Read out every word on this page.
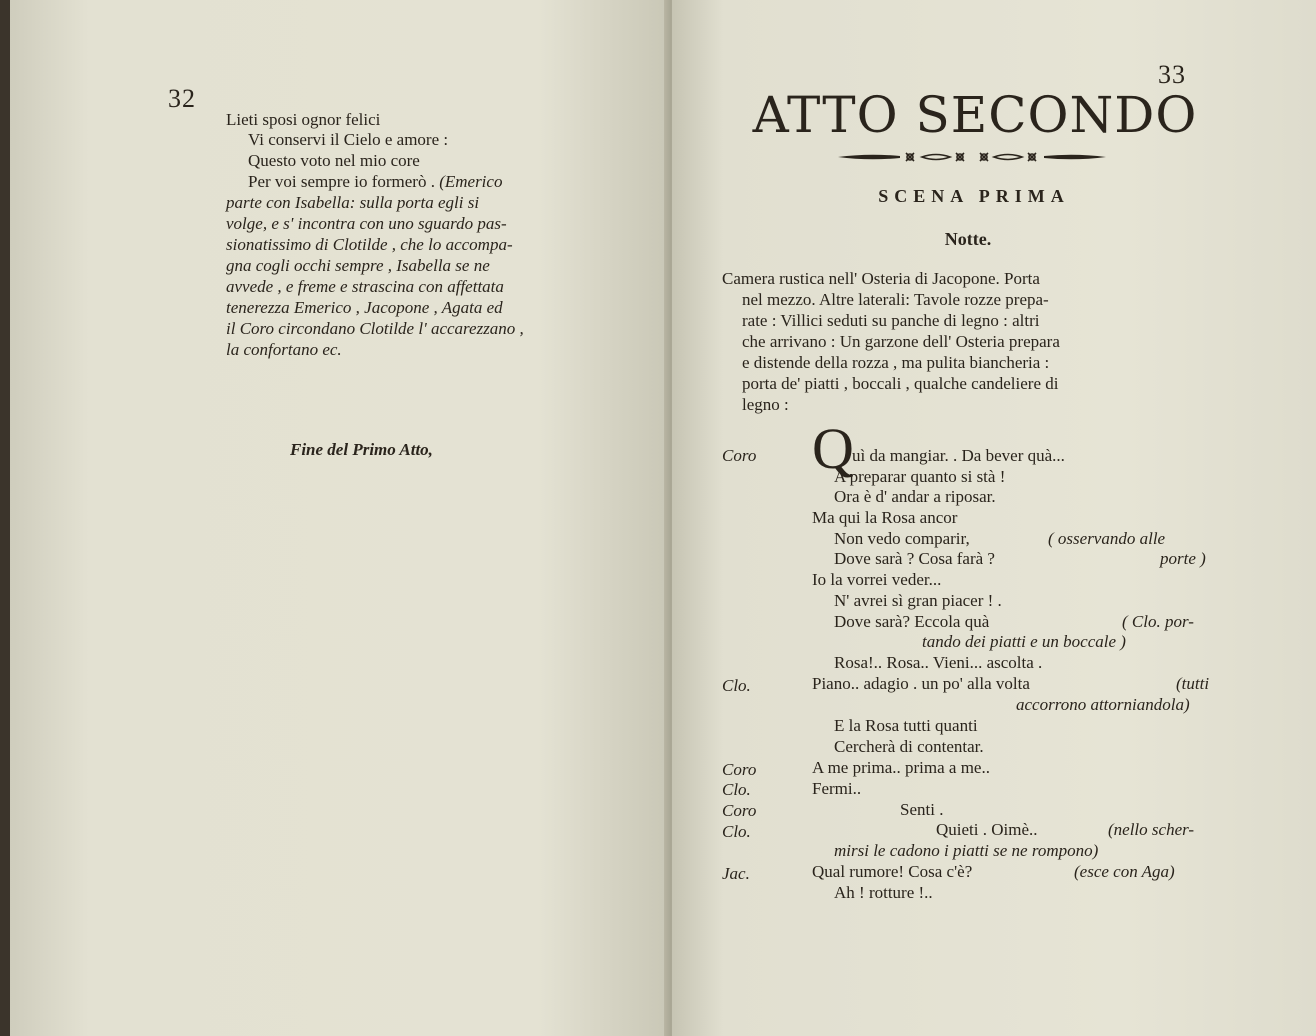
32
Lieti sposi ognor felici
Vi conservi il Cielo e amore :
Questo voto nel mio core
Per voi sempre io formerò . (Emerico
parte con Isabella: sulla porta egli si
volge, e s' incontra con uno sguardo pas-
sionatissimo di Clotilde , che lo accompa-
gna cogli occhi sempre , Isabella se ne
avvede , e freme e strascina con affettata
tenerezza Emerico , Jacopone , Agata ed
il Coro circondano Clotilde l' accarezzano ,
la confortano ec.
Fine del Primo Atto,
33
ATTO SECONDO
SCENA PRIMA
Notte.
Camera rustica nell' Osteria di Jacopone. Porta
nel mezzo. Altre laterali: Tavole rozze prepa-
rate : Villici seduti su panche di legno : altri
che arrivano : Un garzone dell' Osteria prepara
e distende della rozza , ma pulita biancheria :
porta de' piatti , boccali , qualche candeliere di
legno :
Coro Q
uì da mangiar. . Da bever quà...
A preparar quanto si stà !
Ora è d' andar a riposar.
Ma qui la Rosa ancor
Non vedo comparir,	( osservando alle
Dove sarà ? Cosa farà ?	porte )
Io la vorrei veder...
N' avrei sì gran piacer ! .
Dove sarà? Eccola quà	( Clo. por-
tando dei piatti e un boccale )
Rosa!.. Rosa.. Vieni... ascolta .
Clo.	Piano.. adagio . un po' alla volta	(tutti
accorrono attorniandola)
E la Rosa tutti quanti
Cercherà di contentar.
Coro	A me prima.. prima a me..
Clo.	Fermi..
Coro	Senti .
Clo.	Quieti . Oimè..	(nello scher-
mirsi le cadono i piatti se ne rompono)
Jac.	Qual rumore! Cosa c'è?	(esce con Aga)
Ah ! rotture !..
